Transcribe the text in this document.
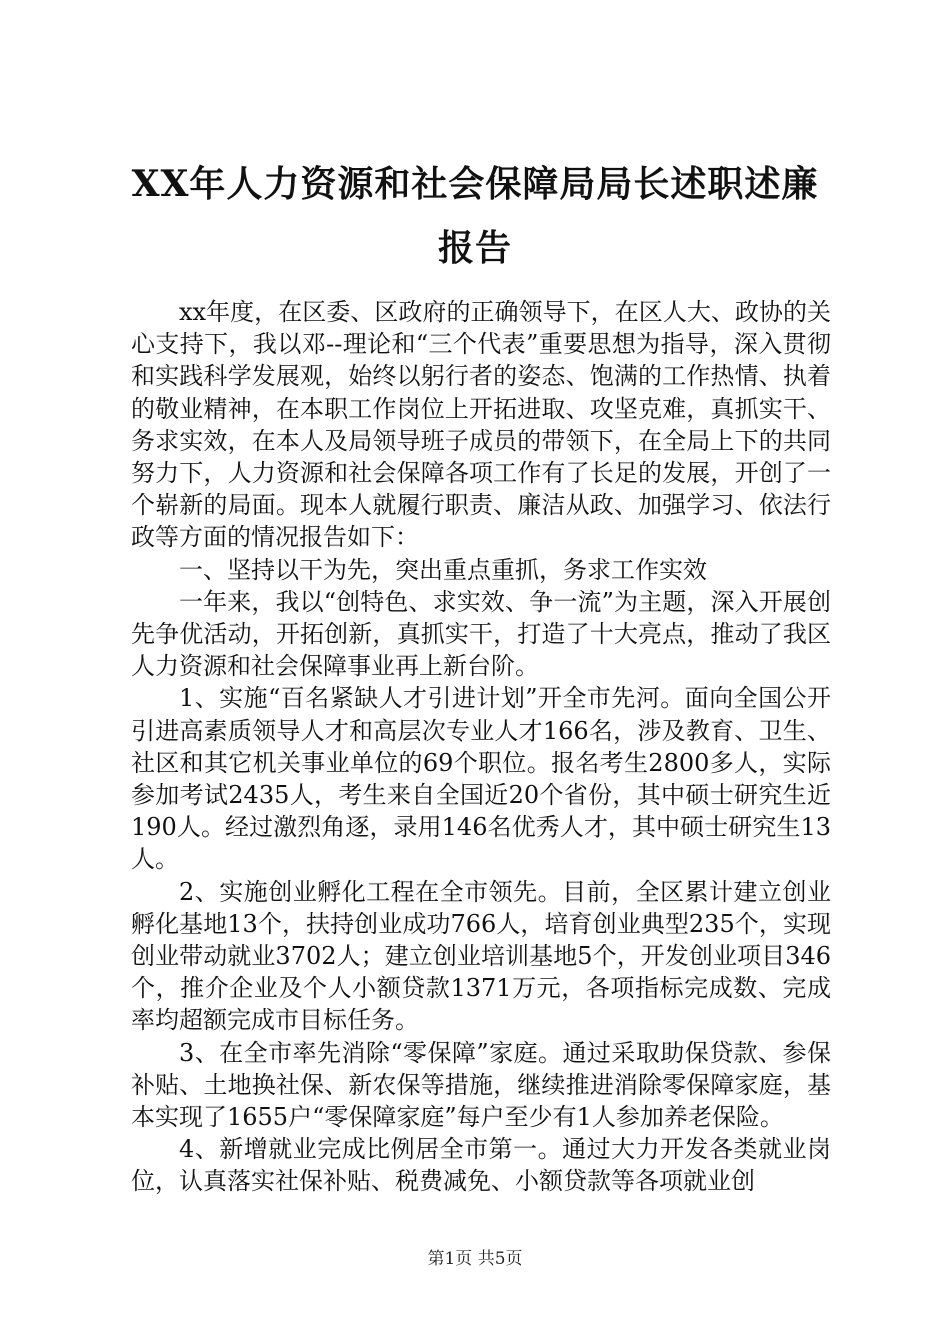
XX年人力资源和社会保障局局长述职述廉报告

xx年度，在区委、区政府的正确领导下，在区人大、政协的关心支持下，我以邓--理论和“三个代表”重要思想为指导，深入贯彻和实践科学发展观，始终以躬行者的姿态、饱满的工作热情、执着的敬业精神，在本职工作岗位上开拓进取、攻坚克难，真抓实干、务求实效，在本人及局领导班子成员的带领下，在全局上下的共同努力下，人力资源和社会保障各项工作有了长足的发展，开创了一个崭新的局面。现本人就履行职责、廉洁从政、加强学习、依法行政等方面的情况报告如下：

一、坚持以干为先，突出重点重抓，务求工作实效

一年来，我以“创特色、求实效、争一流”为主题，深入开展创先争优活动，开拓创新，真抓实干，打造了十大亮点，推动了我区人力资源和社会保障事业再上新台阶。

1、实施“百名紧缺人才引进计划”开全市先河。面向全国公开引进高素质领导人才和高层次专业人才166名，涉及教育、卫生、社区和其它机关事业单位的69个职位。报名考生2800多人，实际参加考试2435人，考生来自全国近20个省份，其中硕士研究生近190人。经过激烈角逐，录用146名优秀人才，其中硕士研究生13人。

2、实施创业孵化工程在全市领先。目前，全区累计建立创业孵化基地13个，扶持创业成功766人，培育创业典型235个，实现创业带动就业3702人；建立创业培训基地5个，开发创业项目346个，推介企业及个人小额贷款1371万元，各项指标完成数、完成率均超额完成市目标任务。

3、在全市率先消除“零保障”家庭。通过采取助保贷款、参保补贴、土地换社保、新农保等措施，继续推进消除零保障家庭，基本实现了1655户“零保障家庭”每户至少有1人参加养老保险。

4、新增就业完成比例居全市第一。通过大力开发各类就业岗位，认真落实社保补贴、税费减免、小额贷款等各项就业创

第1页 共5页
